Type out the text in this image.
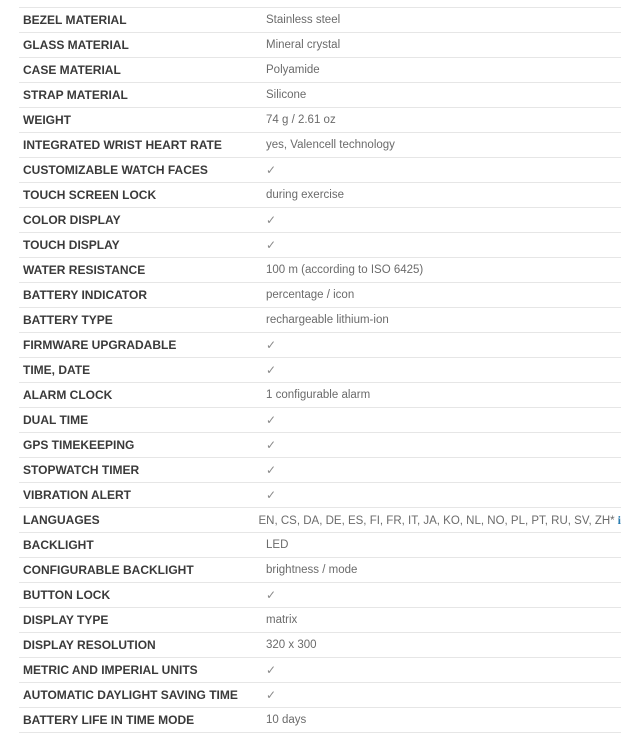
BEZEL MATERIAL	Stainless steel
GLASS MATERIAL	Mineral crystal
CASE MATERIAL	Polyamide
STRAP MATERIAL	Silicone
WEIGHT	74 g / 2.61 oz
INTEGRATED WRIST HEART RATE	yes, Valencell technology
CUSTOMIZABLE WATCH FACES	✓
TOUCH SCREEN LOCK	during exercise
COLOR DISPLAY	✓
TOUCH DISPLAY	✓
WATER RESISTANCE	100 m (according to ISO 6425)
BATTERY INDICATOR	percentage / icon
BATTERY TYPE	rechargeable lithium-ion
FIRMWARE UPGRADABLE	✓
TIME, DATE	✓
ALARM CLOCK	1 configurable alarm
DUAL TIME	✓
GPS TIMEKEEPING	✓
STOPWATCH TIMER	✓
VIBRATION ALERT	✓
LANGUAGES	EN, CS, DA, DE, ES, FI, FR, IT, JA, KO, NL, NO, PL, PT, RU, SV, ZH* i
BACKLIGHT	LED
CONFIGURABLE BACKLIGHT	brightness / mode
BUTTON LOCK	✓
DISPLAY TYPE	matrix
DISPLAY RESOLUTION	320 x 300
METRIC AND IMPERIAL UNITS	✓
AUTOMATIC DAYLIGHT SAVING TIME	✓
BATTERY LIFE IN TIME MODE	10 days
